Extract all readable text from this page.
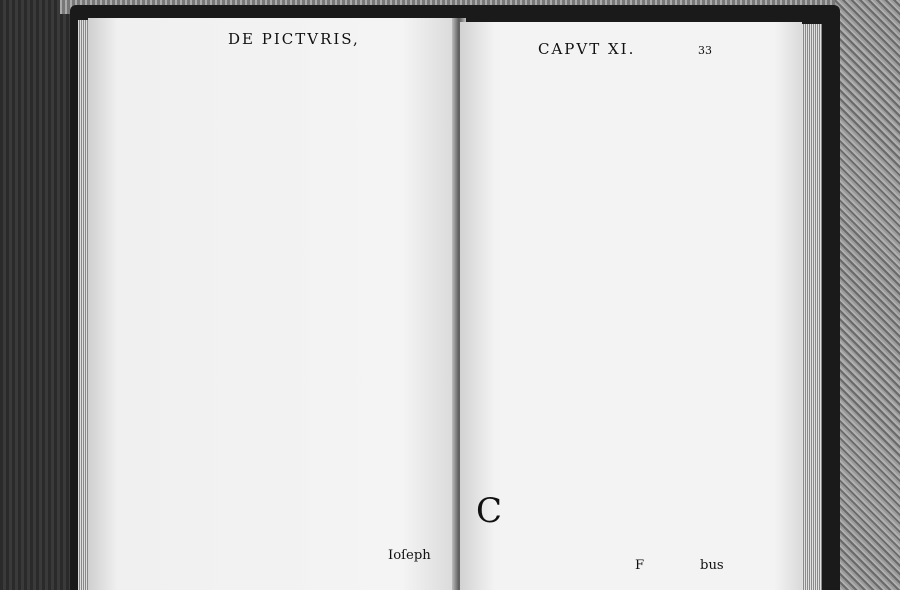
DE PICTVRIS,
Ioſeph
CAPVT XI.	33
C
F	bus
